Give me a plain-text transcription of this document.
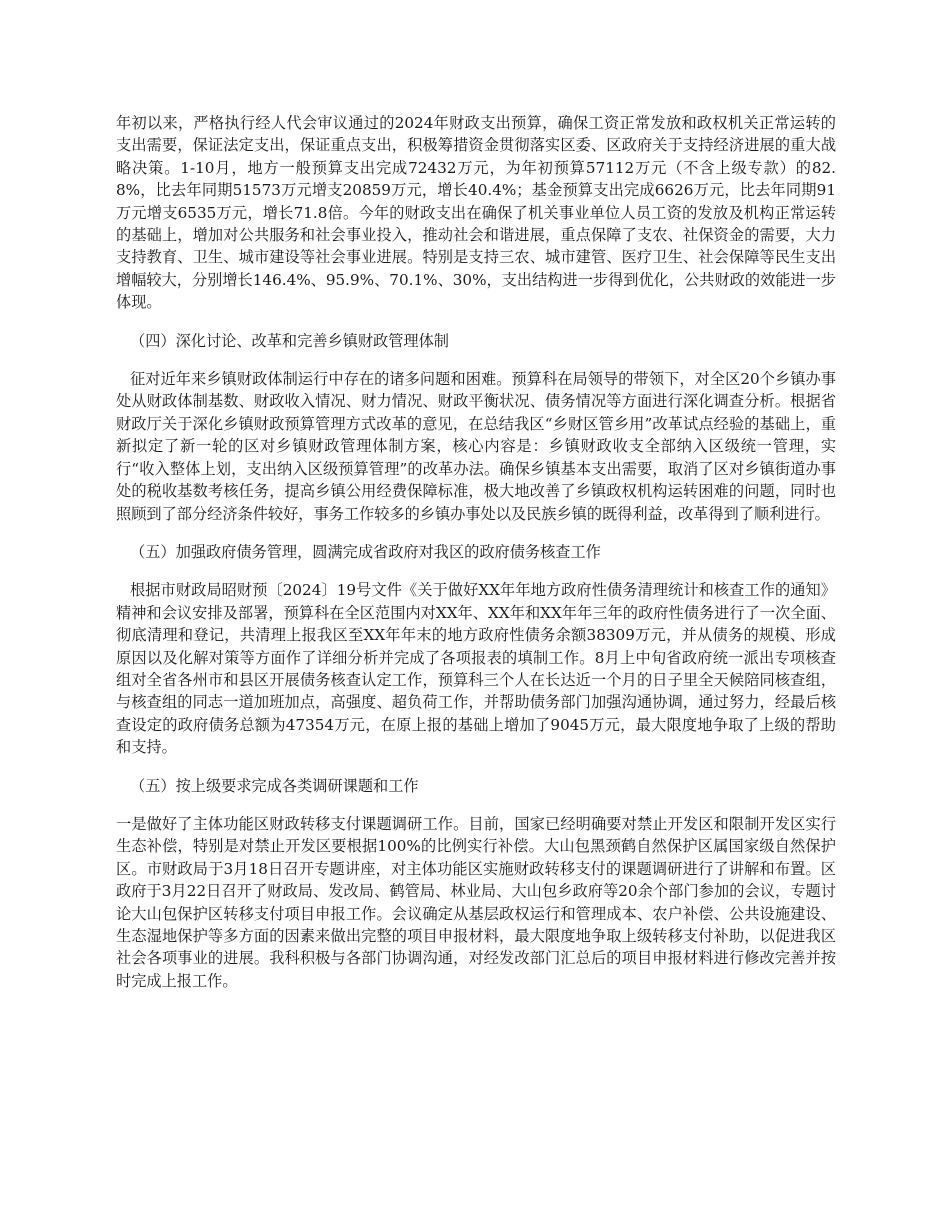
年初以来，严格执行经人代会审议通过的2024年财政支出预算，确保工资正常发放和政权机关正常运转的支出需要，保证法定支出，保证重点支出，积极筹措资金贯彻落实区委、区政府关于支持经济进展的重大战略决策。1-10月，地方一般预算支出完成72432万元，为年初预算57112万元（不含上级专款）的82.8%，比去年同期51573万元增支20859万元，增长40.4%；基金预算支出完成6626万元，比去年同期91万元增支6535万元，增长71.8倍。今年的财政支出在确保了机关事业单位人员工资的发放及机构正常运转的基础上，增加对公共服务和社会事业投入，推动社会和谐进展，重点保障了支农、社保资金的需要，大力支持教育、卫生、城市建设等社会事业进展。特别是支持三农、城市建管、医疗卫生、社会保障等民生支出增幅较大，分别增长146.4%、95.9%、70.1%、30%，支出结构进一步得到优化，公共财政的效能进一步体现。

（四）深化讨论、改革和完善乡镇财政管理体制

征对近年来乡镇财政体制运行中存在的诸多问题和困难。预算科在局领导的带领下，对全区20个乡镇办事处从财政体制基数、财政收入情况、财力情况、财政平衡状况、债务情况等方面进行深化调查分析。根据省财政厅关于深化乡镇财政预算管理方式改革的意见，在总结我区“乡财区管乡用”改革试点经验的基础上，重新拟定了新一轮的区对乡镇财政管理体制方案，核心内容是：乡镇财政收支全部纳入区级统一管理，实行“收入整体上划，支出纳入区级预算管理”的改革办法。确保乡镇基本支出需要，取消了区对乡镇街道办事处的税收基数考核任务，提高乡镇公用经费保障标准，极大地改善了乡镇政权机构运转困难的问题，同时也照顾到了部分经济条件较好，事务工作较多的乡镇办事处以及民族乡镇的既得利益，改革得到了顺利进行。

（五）加强政府债务管理，圆满完成省政府对我区的政府债务核查工作

根据市财政局昭财预〔2024〕19号文件《关于做好XX年年地方政府性债务清理统计和核查工作的通知》精神和会议安排及部署，预算科在全区范围内对XX年、XX年和XX年年三年的政府性债务进行了一次全面、彻底清理和登记，共清理上报我区至XX年年末的地方政府性债务余额38309万元，并从债务的规模、形成原因以及化解对策等方面作了详细分析并完成了各项报表的填制工作。8月上中旬省政府统一派出专项核查组对全省各州市和县区开展债务核查认定工作，预算科三个人在长达近一个月的日子里全天候陪同核查组，与核查组的同志一道加班加点，高强度、超负荷工作，并帮助债务部门加强沟通协调，通过努力，经最后核查设定的政府债务总额为47354万元，在原上报的基础上增加了9045万元，最大限度地争取了上级的帮助和支持。

（五）按上级要求完成各类调研课题和工作

一是做好了主体功能区财政转移支付课题调研工作。目前，国家已经明确要对禁止开发区和限制开发区实行生态补偿，特别是对禁止开发区要根据100%的比例实行补偿。大山包黑颈鹤自然保护区属国家级自然保护区。市财政局于3月18日召开专题讲座，对主体功能区实施财政转移支付的课题调研进行了讲解和布置。区政府于3月22日召开了财政局、发改局、鹤管局、林业局、大山包乡政府等20余个部门参加的会议，专题讨论大山包保护区转移支付项目申报工作。会议确定从基层政权运行和管理成本、农户补偿、公共设施建设、生态湿地保护等多方面的因素来做出完整的项目申报材料，最大限度地争取上级转移支付补助，以促进我区社会各项事业的进展。我科积极与各部门协调沟通，对经发改部门汇总后的项目申报材料进行修改完善并按时完成上报工作。
